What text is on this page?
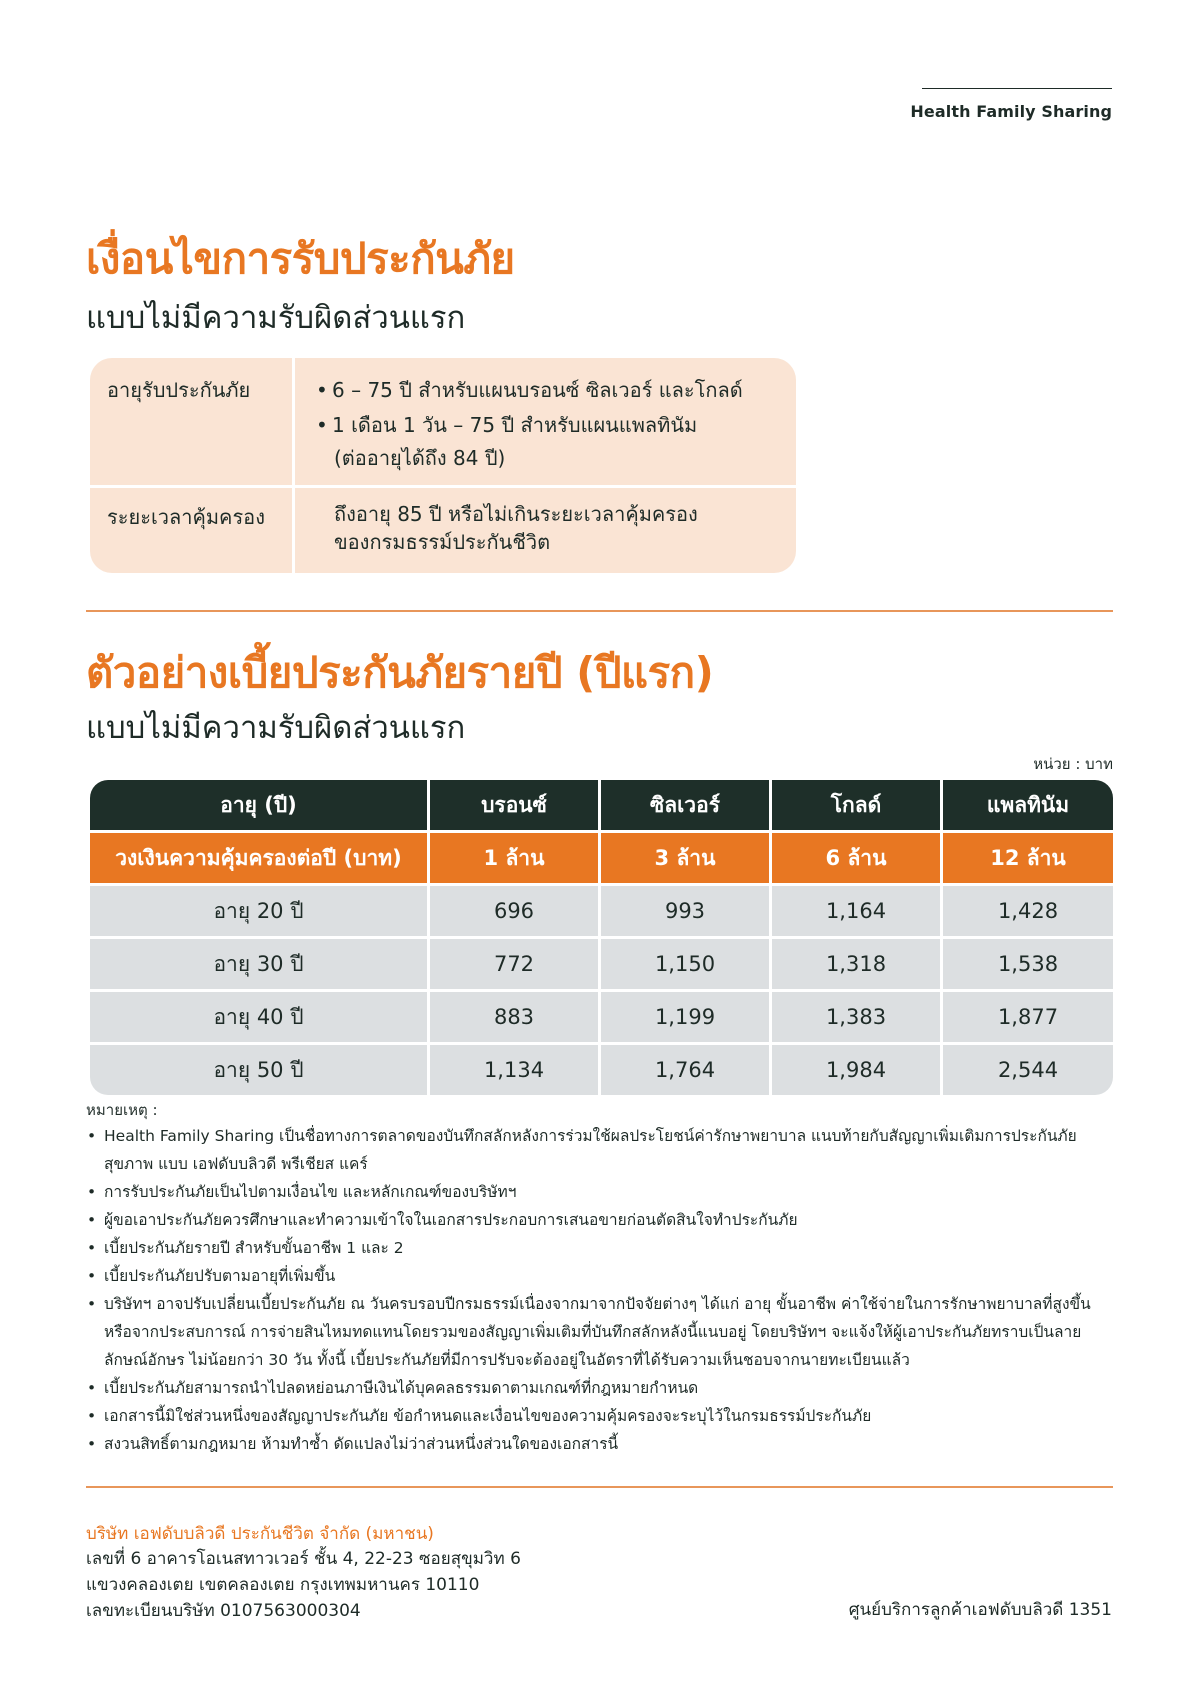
Health Family Sharing
เงื่อนไขการรับประกันภัย
แบบไม่มีความรับผิดส่วนแรก
อายุรับประกันภัย	• 6 – 75 ปี สำหรับแผนบรอนซ์ ซิลเวอร์ และโกลด์
• 1 เดือน 1 วัน – 75 ปี สำหรับแผนแพลทินัม
(ต่ออายุได้ถึง 84 ปี)
ระยะเวลาคุ้มครอง	ถึงอายุ 85 ปี หรือไม่เกินระยะเวลาคุ้มครอง
ของกรมธรรม์ประกันชีวิต
ตัวอย่างเบี้ยประกันภัยรายปี (ปีแรก)
แบบไม่มีความรับผิดส่วนแรก
หน่วย : บาท
อายุ (ปี)	บรอนซ์	ซิลเวอร์	โกลด์	แพลทินัม
วงเงินความคุ้มครองต่อปี (บาท)	1 ล้าน	3 ล้าน	6 ล้าน	12 ล้าน
อายุ 20 ปี	696	993	1,164	1,428
อายุ 30 ปี	772	1,150	1,318	1,538
อายุ 40 ปี	883	1,199	1,383	1,877
อายุ 50 ปี	1,134	1,764	1,984	2,544
หมายเหตุ :
• Health Family Sharing เป็นชื่อทางการตลาดของบันทึกสลักหลังการร่วมใช้ผลประโยชน์ค่ารักษาพยาบาล แนบท้ายกับสัญญาเพิ่มเติมการประกันภัยสุขภาพ แบบ เอฟดับบลิวดี พรีเชียส แคร์
• การรับประกันภัยเป็นไปตามเงื่อนไข และหลักเกณฑ์ของบริษัทฯ
• ผู้ขอเอาประกันภัยควรศึกษาและทำความเข้าใจในเอกสารประกอบการเสนอขายก่อนตัดสินใจทำประกันภัย
• เบี้ยประกันภัยรายปี สำหรับขั้นอาชีพ 1 และ 2
• เบี้ยประกันภัยปรับตามอายุที่เพิ่มขึ้น
• บริษัทฯ อาจปรับเปลี่ยนเบี้ยประกันภัย ณ วันครบรอบปีกรมธรรม์เนื่องจากมาจากปัจจัยต่างๆ ได้แก่ อายุ ขั้นอาชีพ ค่าใช้จ่ายในการรักษาพยาบาลที่สูงขึ้น หรือจากประสบการณ์ การจ่ายสินไหมทดแทนโดยรวมของสัญญาเพิ่มเติมที่บันทึกสลักหลังนี้แนบอยู่ โดยบริษัทฯ จะแจ้งให้ผู้เอาประกันภัยทราบเป็นลายลักษณ์อักษร ไม่น้อยกว่า 30 วัน ทั้งนี้ เบี้ยประกันภัยที่มีการปรับจะต้องอยู่ในอัตราที่ได้รับความเห็นชอบจากนายทะเบียนแล้ว
• เบี้ยประกันภัยสามารถนำไปลดหย่อนภาษีเงินได้บุคคลธรรมดาตามเกณฑ์ที่กฎหมายกำหนด
• เอกสารนี้มิใช่ส่วนหนึ่งของสัญญาประกันภัย ข้อกำหนดและเงื่อนไขของความคุ้มครองจะระบุไว้ในกรมธรรม์ประกันภัย
• สงวนสิทธิ์ตามกฎหมาย ห้ามทำซ้ำ ดัดแปลงไม่ว่าส่วนหนึ่งส่วนใดของเอกสารนี้
บริษัท เอฟดับบลิวดี ประกันชีวิต จำกัด (มหาชน)
เลขที่ 6 อาคารโอเนสทาวเวอร์ ชั้น 4, 22-23 ซอยสุขุมวิท 6
แขวงคลองเตย เขตคลองเตย กรุงเทพมหานคร 10110
เลขทะเบียนบริษัท 0107563000304	ศูนย์บริการลูกค้าเอฟดับบลิวดี 1351
